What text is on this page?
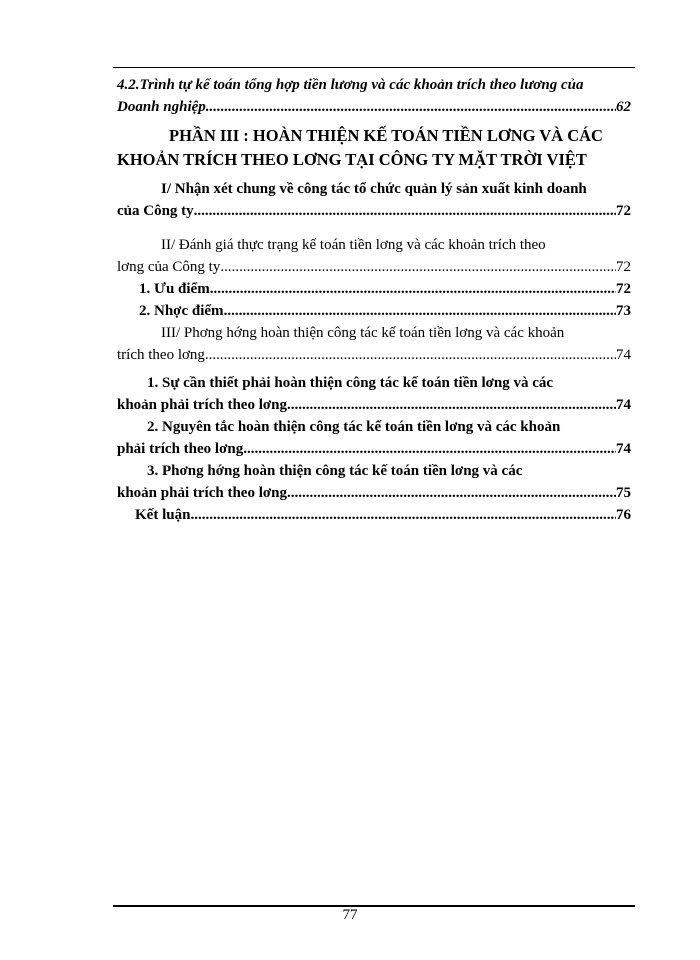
4.2.Trình tự kế toán tổng hợp tiền lương và các khoản trích theo lương của
Doanh nghiệp .....	62
PHẦN III : HOÀN THIỆN KẾ TOÁN TIỀN LƠNG VÀ CÁC
KHOẢN TRÍCH THEO LƠNG TẠI CÔNG TY MẶT TRỜI VIỆT
I/ Nhận xét chung về công tác tổ chức quản lý sản xuất kinh doanh
của Công ty .....	72
II/ Đánh giá thực trạng kế toán tiền lơng và các khoản trích theo
lơng của Công ty .....	72
1. Ưu điểm .....	72
2. Nhợc điểm .....	73
III/ Phơng hớng hoàn thiện công tác kế toán tiền lơng và các khoản
trích theo lơng .....	74
1. Sự cần thiết phải hoàn thiện công tác kế toán tiền lơng và các
khoản phải trích theo lơng .....	74
2. Nguyên tắc hoàn thiện công tác kế toán tiền lơng và các khoản
phải trích theo lơng .....	74
3. Phơng hớng hoàn thiện công tác kế toán tiền lơng và các
khoản phải trích theo lơng .....	75
Kết luận .....	76
77
